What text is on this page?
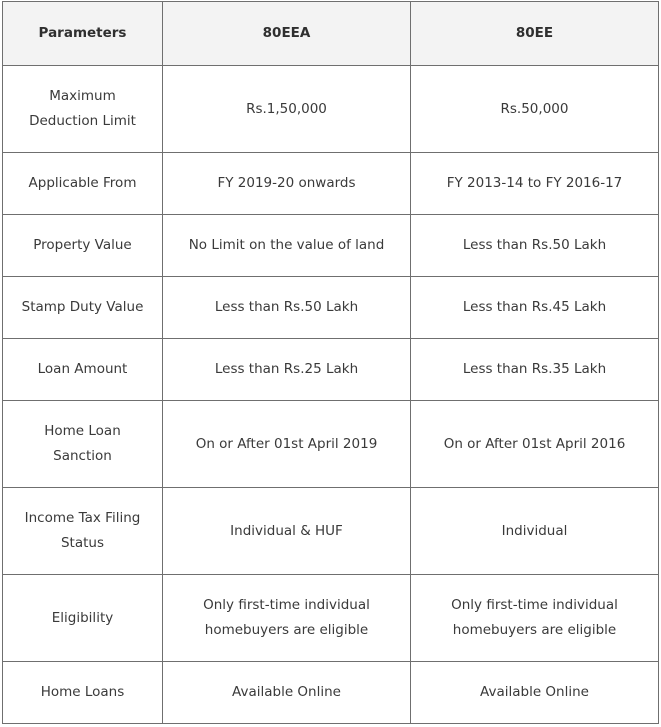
Parameters	80EEA	80EE
Maximum Deduction Limit	Rs.1,50,000	Rs.50,000
Applicable From	FY 2019-20 onwards	FY 2013-14 to FY 2016-17
Property Value	No Limit on the value of land	Less than Rs.50 Lakh
Stamp Duty Value	Less than Rs.50 Lakh	Less than Rs.45 Lakh
Loan Amount	Less than Rs.25 Lakh	Less than Rs.35 Lakh
Home Loan Sanction	On or After 01st April 2019	On or After 01st April 2016
Income Tax Filing Status	Individual & HUF	Individual
Eligibility	Only first-time individual homebuyers are eligible	Only first-time individual homebuyers are eligible
Home Loans	Available Online	Available Online
